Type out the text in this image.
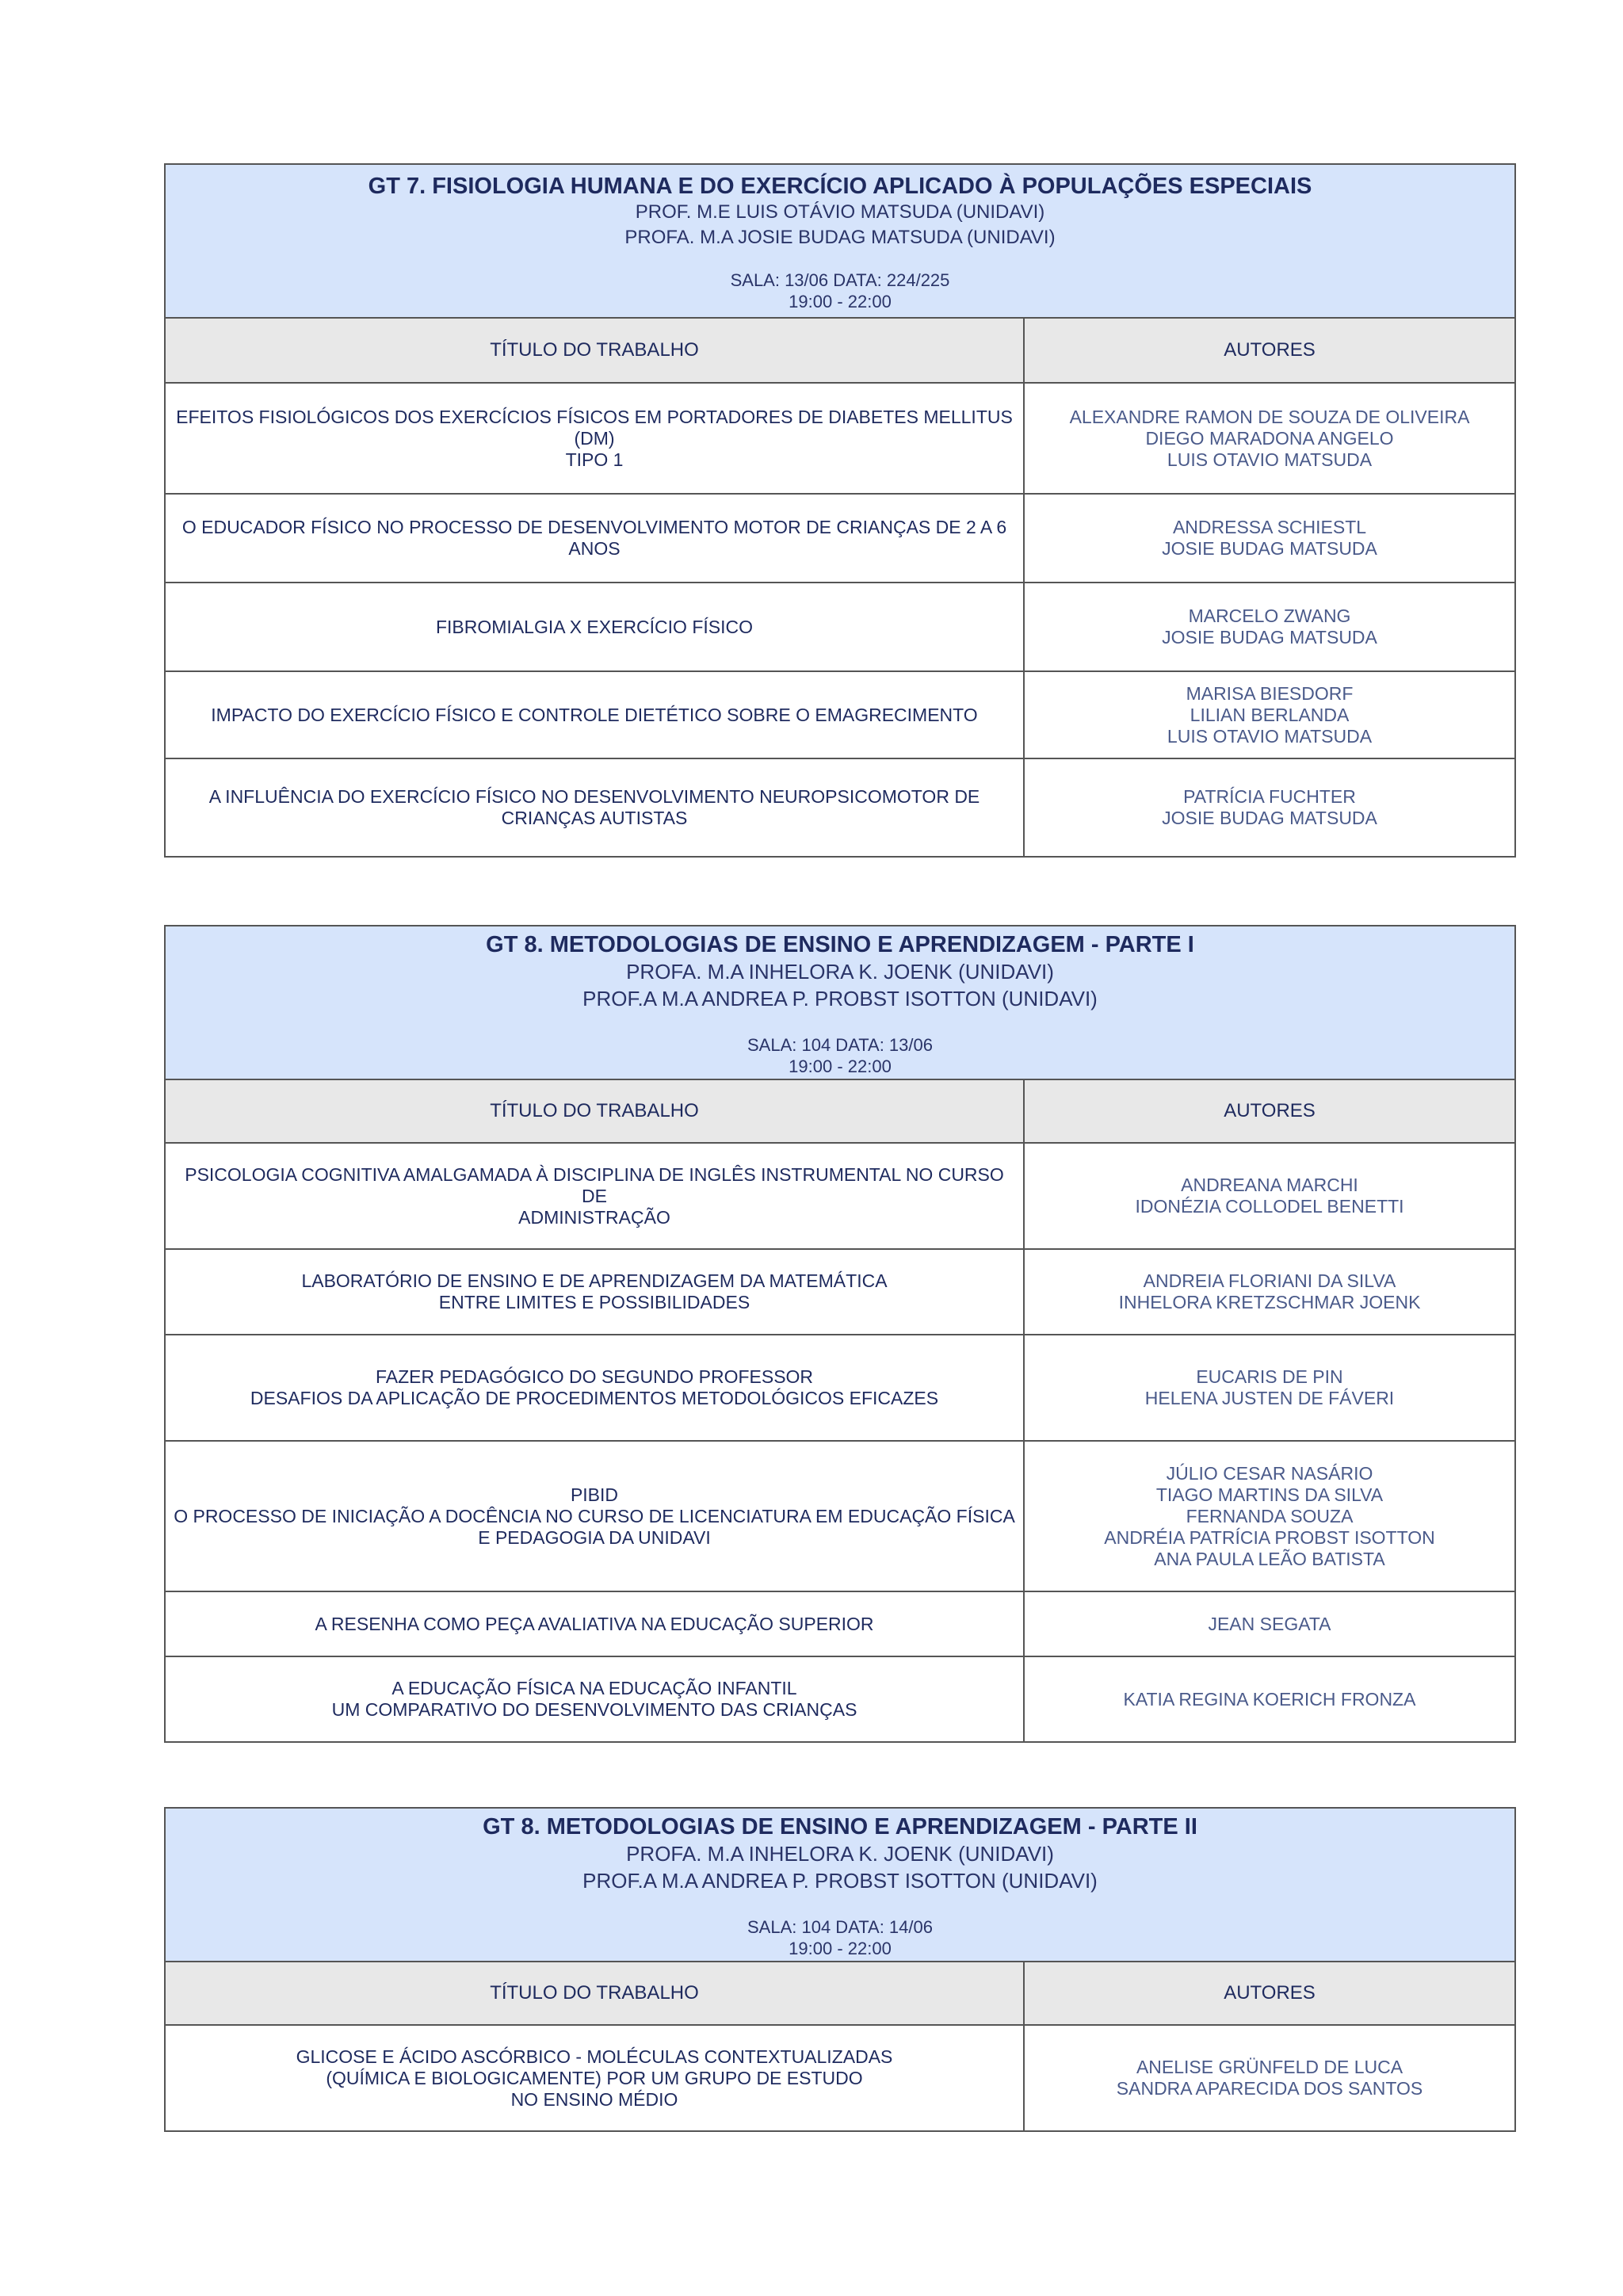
GT 7. FISIOLOGIA HUMANA E DO EXERCÍCIO APLICADO À POPULAÇÕES ESPECIAIS
PROF. M.E LUIS OTÁVIO MATSUDA (UNIDAVI)
PROFA. M.A JOSIE BUDAG MATSUDA (UNIDAVI)
SALA: 13/06 DATA: 224/225
19:00 - 22:00	

TÍTULO DO TRABALHO	AUTORES

EFEITOS FISIOLÓGICOS DOS EXERCÍCIOS FÍSICOS EM PORTADORES DE DIABETES MELLITUS (DM)
TIPO 1	ALEXANDRE RAMON DE SOUZA DE OLIVEIRA
DIEGO MARADONA ANGELO
LUIS OTAVIO MATSUDA

O EDUCADOR FÍSICO NO PROCESSO DE DESENVOLVIMENTO MOTOR DE CRIANÇAS DE 2 A 6
ANOS	ANDRESSA SCHIESTL
JOSIE BUDAG MATSUDA

FIBROMIALGIA X EXERCÍCIO FÍSICO	MARCELO ZWANG
JOSIE BUDAG MATSUDA

IMPACTO DO EXERCÍCIO FÍSICO E CONTROLE DIETÉTICO SOBRE O EMAGRECIMENTO	MARISA BIESDORF
LILIAN BERLANDA
LUIS OTAVIO MATSUDA

A INFLUÊNCIA DO EXERCÍCIO FÍSICO NO DESENVOLVIMENTO NEUROPSICOMOTOR DE
CRIANÇAS AUTISTAS	PATRÍCIA FUCHTER
JOSIE BUDAG MATSUDA
GT 8. METODOLOGIAS DE ENSINO E APRENDIZAGEM - PARTE I
PROFA. M.A INHELORA K. JOENK (UNIDAVI)
PROF.A M.A ANDREA P. PROBST ISOTTON (UNIDAVI)
SALA: 104 DATA: 13/06
19:00 - 22:00	

TÍTULO DO TRABALHO	AUTORES

PSICOLOGIA COGNITIVA AMALGAMADA À DISCIPLINA DE INGLÊS INSTRUMENTAL NO CURSO DE
ADMINISTRAÇÃO	ANDREANA MARCHI
IDONÉZIA COLLODEL BENETTI

LABORATÓRIO DE ENSINO E DE APRENDIZAGEM DA MATEMÁTICA
ENTRE LIMITES E POSSIBILIDADES	ANDREIA FLORIANI DA SILVA
INHELORA KRETZSCHMAR JOENK

FAZER PEDAGÓGICO DO SEGUNDO PROFESSOR
DESAFIOS DA APLICAÇÃO DE PROCEDIMENTOS METODOLÓGICOS EFICAZES	EUCARIS DE PIN
HELENA JUSTEN DE FÁVERI

PIBID
O PROCESSO DE INICIAÇÃO A DOCÊNCIA NO CURSO DE LICENCIATURA EM EDUCAÇÃO FÍSICA
E PEDAGOGIA DA UNIDAVI	JÚLIO CESAR NASÁRIO
TIAGO MARTINS DA SILVA
FERNANDA SOUZA
ANDRÉIA PATRÍCIA PROBST ISOTTON
ANA PAULA LEÃO BATISTA

A RESENHA COMO PEÇA AVALIATIVA NA EDUCAÇÃO SUPERIOR	JEAN SEGATA

A EDUCAÇÃO FÍSICA NA EDUCAÇÃO INFANTIL
UM COMPARATIVO DO DESENVOLVIMENTO DAS CRIANÇAS	KATIA REGINA KOERICH FRONZA
GT 8. METODOLOGIAS DE ENSINO E APRENDIZAGEM - PARTE II
PROFA. M.A INHELORA K. JOENK (UNIDAVI)
PROF.A M.A ANDREA P. PROBST ISOTTON (UNIDAVI)
SALA: 104 DATA: 14/06
19:00 - 22:00	

TÍTULO DO TRABALHO	AUTORES

GLICOSE E ÁCIDO ASCÓRBICO - MOLÉCULAS CONTEXTUALIZADAS
(QUÍMICA E BIOLOGICAMENTE) POR UM GRUPO DE ESTUDO
NO ENSINO MÉDIO	ANELISE GRÜNFELD DE LUCA
SANDRA APARECIDA DOS SANTOS
